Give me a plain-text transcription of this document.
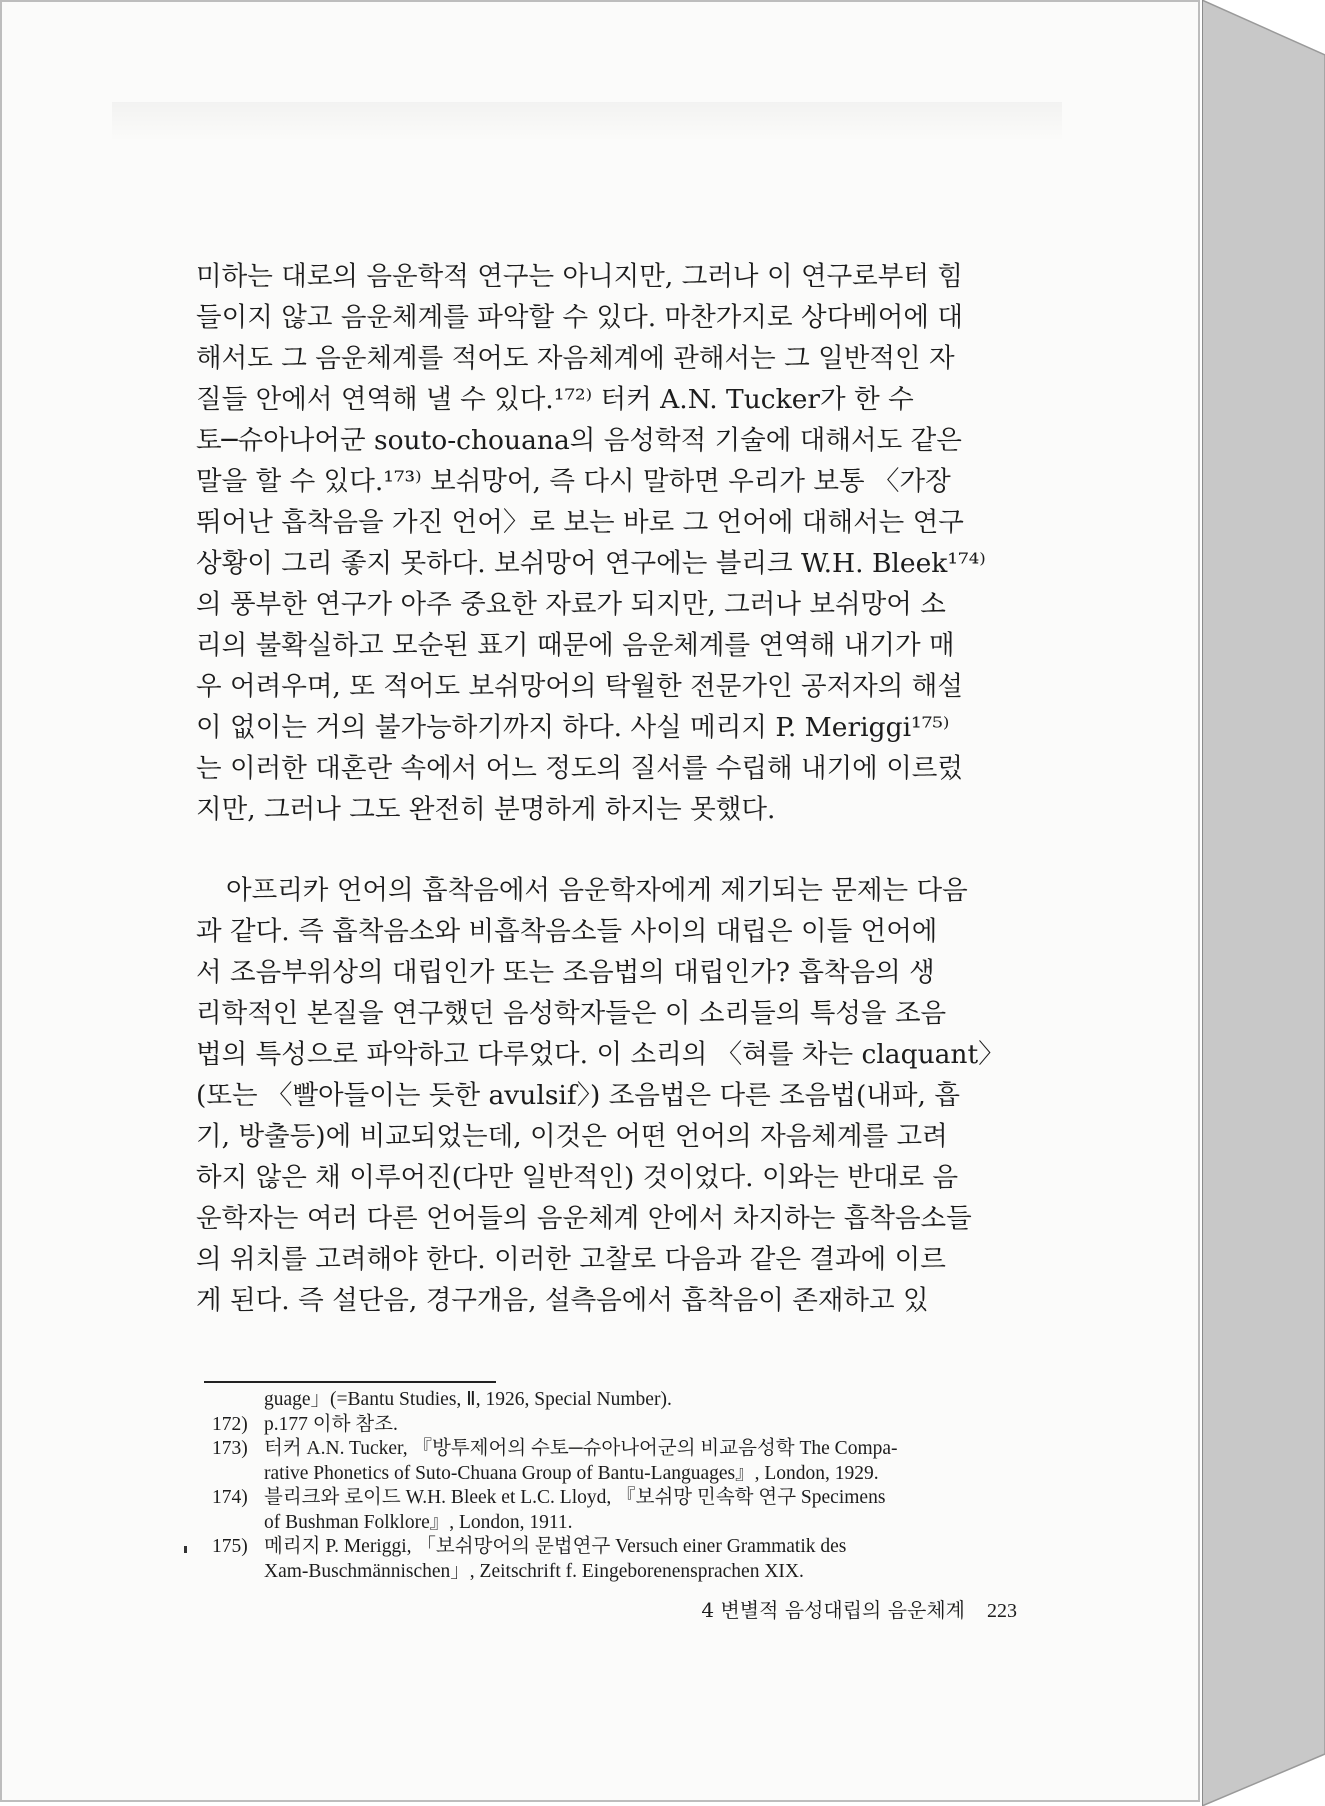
미하는 대로의 음운학적 연구는 아니지만, 그러나 이 연구로부터 힘
들이지 않고 음운체계를 파악할 수 있다. 마찬가지로 상다베어에 대
해서도 그 음운체계를 적어도 자음체계에 관해서는 그 일반적인 자
질들 안에서 연역해 낼 수 있다.¹⁷²⁾ 터커 A.N. Tucker가 한 수
토─슈아나어군 souto-chouana의 음성학적 기술에 대해서도 같은
말을 할 수 있다.¹⁷³⁾ 보쉬망어, 즉 다시 말하면 우리가 보통 〈가장
뛰어난 흡착음을 가진 언어〉로 보는 바로 그 언어에 대해서는 연구
상황이 그리 좋지 못하다. 보쉬망어 연구에는 블리크 W.H. Bleek¹⁷⁴⁾
의 풍부한 연구가 아주 중요한 자료가 되지만, 그러나 보쉬망어 소
리의 불확실하고 모순된 표기 때문에 음운체계를 연역해 내기가 매
우 어려우며, 또 적어도 보쉬망어의 탁월한 전문가인 공저자의 해설
이 없이는 거의 불가능하기까지 하다. 사실 메리지 P. Meriggi¹⁷⁵⁾
는 이러한 대혼란 속에서 어느 정도의 질서를 수립해 내기에 이르렀
지만, 그러나 그도 완전히 분명하게 하지는 못했다.
아프리카 언어의 흡착음에서 음운학자에게 제기되는 문제는 다음
과 같다. 즉 흡착음소와 비흡착음소들 사이의 대립은 이들 언어에
서 조음부위상의 대립인가 또는 조음법의 대립인가? 흡착음의 생
리학적인 본질을 연구했던 음성학자들은 이 소리들의 특성을 조음
법의 특성으로 파악하고 다루었다. 이 소리의 〈혀를 차는 claquant〉
(또는 〈빨아들이는 듯한 avulsif〉) 조음법은 다른 조음법(내파, 흡
기, 방출등)에 비교되었는데, 이것은 어떤 언어의 자음체계를 고려
하지 않은 채 이루어진(다만 일반적인) 것이었다. 이와는 반대로 음
운학자는 여러 다른 언어들의 음운체계 안에서 차지하는 흡착음소들
의 위치를 고려해야 한다. 이러한 고찰로 다음과 같은 결과에 이르
게 된다. 즉 설단음, 경구개음, 설측음에서 흡착음이 존재하고 있
guage」(=Bantu Studies, Ⅱ, 1926, Special Number).
172) p.177 이하 참조.
173) 터커 A.N. Tucker, 『방투제어의 수토─슈아나어군의 비교음성학 The Compa-
rative Phonetics of Suto-Chuana Group of Bantu-Languages』, London, 1929.
174) 블리크와 로이드 W.H. Bleek et L.C. Lloyd, 『보쉬망 민속학 연구 Specimens
of Bushman Folklore』, London, 1911.
175) 메리지 P. Meriggi, 「보쉬망어의 문법연구 Versuch einer Grammatik des
Xam-Buschmännischen」, Zeitschrift f. Eingeborenensprachen XIX.
4 변별적 음성대립의 음운체계 223
